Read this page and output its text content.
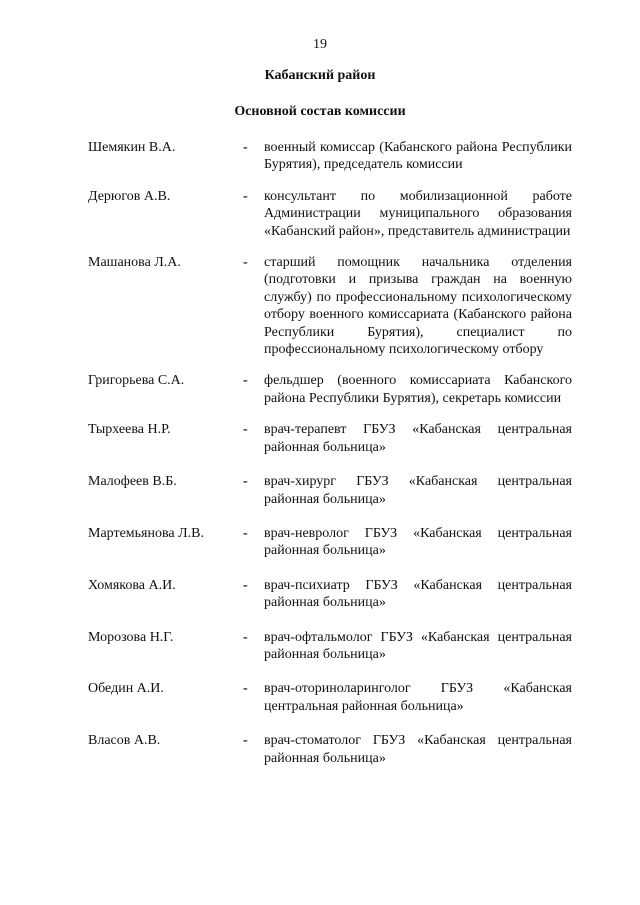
19
Кабанский район
Основной состав комиссии
Шемякин В.А.	-	военный комиссар (Кабанского района Республики Бурятия), председатель комиссии
Дерюгов А.В.	-	консультант по мобилизационной работе Администрации муниципального образования «Кабанский район», представитель администрации
Машанова Л.А.	-	старший помощник начальника отделения (подготовки и призыва граждан на военную службу) по профессиональному психологическому отбору военного комиссариата (Кабанского района Республики Бурятия), специалист по профессиональному психологическому отбору
Григорьева С.А.	-	фельдшер (военного комиссариата Кабанского района Республики Бурятия), секретарь комиссии
Тырхеева Н.Р.	-	врач-терапевт ГБУЗ «Кабанская центральная районная больница»
Малофеев В.Б.	-	врач-хирург ГБУЗ «Кабанская центральная районная больница»
Мартемьянова Л.В.	-	врач-невролог ГБУЗ «Кабанская центральная районная больница»
Хомякова А.И.	-	врач-психиатр ГБУЗ «Кабанская центральная районная больница»
Морозова Н.Г.	-	врач-офтальмолог ГБУЗ «Кабанская центральная районная больница»
Обедин А.И.	-	врач-оториноларинголог ГБУЗ «Кабанская центральная районная больница»
Власов А.В.	-	врач-стоматолог ГБУЗ «Кабанская центральная районная больница»
